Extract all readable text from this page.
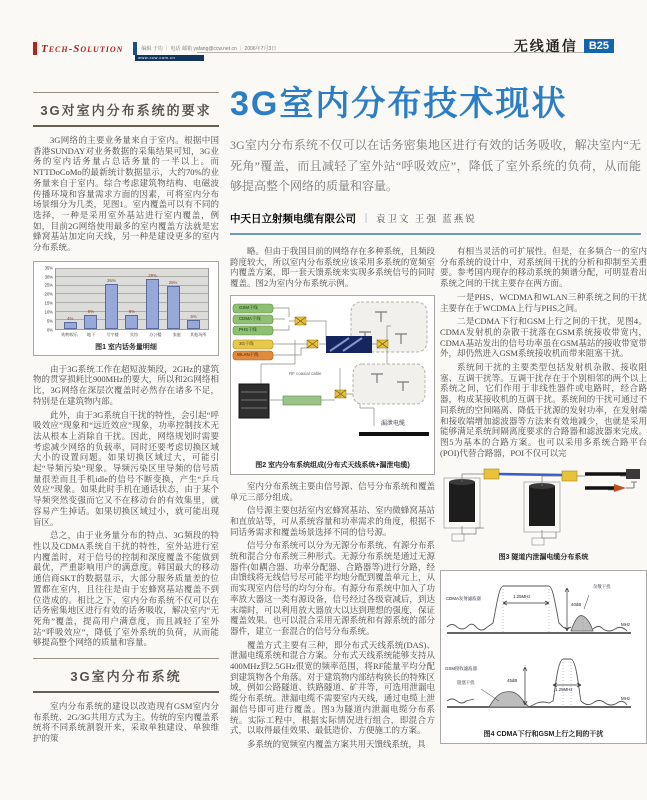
Tech-Solution	编辑 于功 ｜ 电话 邮箱 yafang@ccw.net.cn ｜ 2006年7月3日
www.ccw.com.cn
无线通信	B25
3G室内分布技术现状

3G室内分布系统不仅可以在话务密集地区进行有效的话务吸收，解决室内“无死角”覆盖，而且减轻了室外站“呼吸效应”，降低了室外系统的负荷，从而能够提高整个网络的质量和容量。

中天日立射频电缆有限公司 ｜ 袁卫文 王强 蓝燕锐
3G对室内分布系统的要求

3G网络的主要业务量来自于室内。根据中国香港SUNDAY对业务数据的采集结果可知，3G业务的室内话务量占总话务量的一半以上。而NTTDoCoMo的最新统计数据显示，大约70%的业务量来自于室内。综合考虑建筑物结构、电磁波传播环境和容量需求方面的因素，可将室内分布场景细分为几类，见图1。室内覆盖可以有不同的选择，一种是采用室外基站进行室内覆盖，例如，目前2G网络使用最多的室内覆盖方法就是宏蜂窝基站加定向天线，另一种是建设更多的室内分布系统。

4%
8%
26%
8%
29%
25%
5%
0%
5%
10%
15%
20%
25%
30%
35%
购物娱乐	地下	写字楼	宾馆	办公楼	家庭	其他场所
图1 室内话务量明细

由于3G系统工作在超短波频段，2GHz的建筑物的贯穿损耗比900MHz的要大，所以和2G网络相比，3G网络在深层次覆盖时必然存在诸多不足，特别是在建筑物内部。

此外，由于3G系统自干扰的特性，会引起“呼吸效应”现象和“远近效应”现象，功率控制技术无法从根本上消除自干扰。因此，网络规划时需要考虑减少网络的负载率，同时还要考虑切换区域大小的设置问题。如果切换区域过大，可能引起“导频污染”现象。导频污染区里导频的信号质量很差而且手机idle的信号不断变换，产生“乒乓效应”现象。如果此时手机在通话状态，由于某个导频突然变强而它又不在移动台的有效集里，就容易产生掉话。如果切换区域过小，就可能出现盲区。

总之，由于业务量分布的特点、3G频段的特性以及CDMA系统自干扰的特性，室外站进行室内覆盖时，对于信号的控制和深度覆盖不能做到最优，严重影响用户的满意度。韩国最大的移动通信商SKT的数据显示，大部分服务质量差的位置都在室内，且往往是由于宏蜂窝基站覆盖不到位造成的。相比之下，室内分布系统不仅可以在话务密集地区进行有效的话务吸收，解决室内“无死角”覆盖，提高用户满意度，而且减轻了室外站“呼吸效应”，降低了室外系统的负荷，从而能够提高整个网络的质量和容量。

3G室内分布系统

室内分布系统的建设以改造现有GSM室内分布系统、2G/3G共用方式为主。传统的室内覆盖系统将不同系统割裂开来，采取单独建设、单独维护的策

略。但由于我国目前的网络存在多种系统，且频段跨度较大，所以室内分布系统应该采用多系统的宽频室内覆盖方案，即一套天馈系统来实现多系统信号的同时覆盖。图2为室内分布系统示例。

GSM干线
CDMA干线
PHS干线
3G干线
WLAN干线
RF coaxial cable
漏泄电缆
图2 室内分布系统组成(分布式天线系统+漏泄电缆)

室内分布系统主要由信号源、信号分布系统和覆盖单元三部分组成。

信号源主要包括室内宏蜂窝基站、室内微蜂窝基站和直放站等，可从系统容量和功率需求的角度，根据不同话务需求和覆盖场景选择不同的信号源。

信号分布系统可以分为无源分布系统、有源分布系统和混合分布系统三种形式。无源分布系统是通过无源器件(如耦合器、功率分配器、合路器等)进行分路，经由馈线将无线信号尽可能平均地分配到覆盖单元上，从而实现室内信号的均匀分布。有源分布系统中加入了功率放大器这一类有源设备，信号经过各级衰减后，到达末端时，可以利用放大器放大以达到理想的强度，保证覆盖效果。也可以混合采用无源系统和有源系统的部分器件，建立一套混合的信号分布系统。

覆盖方式主要有三种，即分布式天线系统(DAS)、泄漏电缆系统和混合方案。分布式天线系统能够支持从400MHz到2.5GHz很宽的频率范围，将RF能量平均分配到建筑物各个角落。对于建筑物内部结构狭长的特殊区域，例如公路隧道、铁路隧道、矿井等，可选用泄漏电缆分布系统。泄漏电缆不需要室内天线，通过电缆上泄漏信号即可进行覆盖。图3为隧道内泄漏电缆分布系统。实际工程中，根据实际情况进行组合，即混合方式，以取得最佳效果、最低造价、方便施工的方案。

多系统的宽频室内覆盖方案共用天馈线系统，具

有相当灵活的可扩展性。但是，在多频合一的室内分布系统的设计中，对系统间干扰的分析和抑制至关重要。参考国内现存的移动系统的频谱分配，可明显看出系统之间的干扰主要存在两方面。

一是PHS、WCDMA和WLAN三种系统之间的干扰主要存在于WCDMA上行与PHS之间。

二是CDMA下行和GSM上行之间的干扰，见图4。CDMA发射机的杂散干扰落在GSM系统接收带宽内，CDMA基站发出的信号功率虽在GSM基站的接收带宽带外，却仍然进入GSM系统接收机而带来阻塞干扰。

系统间干扰的主要类型包括发射机杂散、接收阻塞、互调干扰等。互调干扰存在于个别相邻的两个以上系统之间，它们作用于非线性器件或电路时，经合路器，构成某接收机的互调干扰。系统间的干扰可通过不同系统的空间隔离、降低干扰源的发射功率，在发射端和接收端增加滤波器等方法来有效地减少，也就是采用能够满足系统间隔离度要求的合路器和滤波器来完成。图5为基本的合路方案。也可以采用多系统合路平台(POI)代替合路器，POI不仅可以完

图3 隧道内泄漏电缆分布系统
CDMA发射滤波器	1.25MHz
40dB
杂散干扰
MHz
GSM接收滤波器
阻塞干扰	45dB
1.25MHz
MHz
图4 CDMA下行和GSM上行之间的干扰
